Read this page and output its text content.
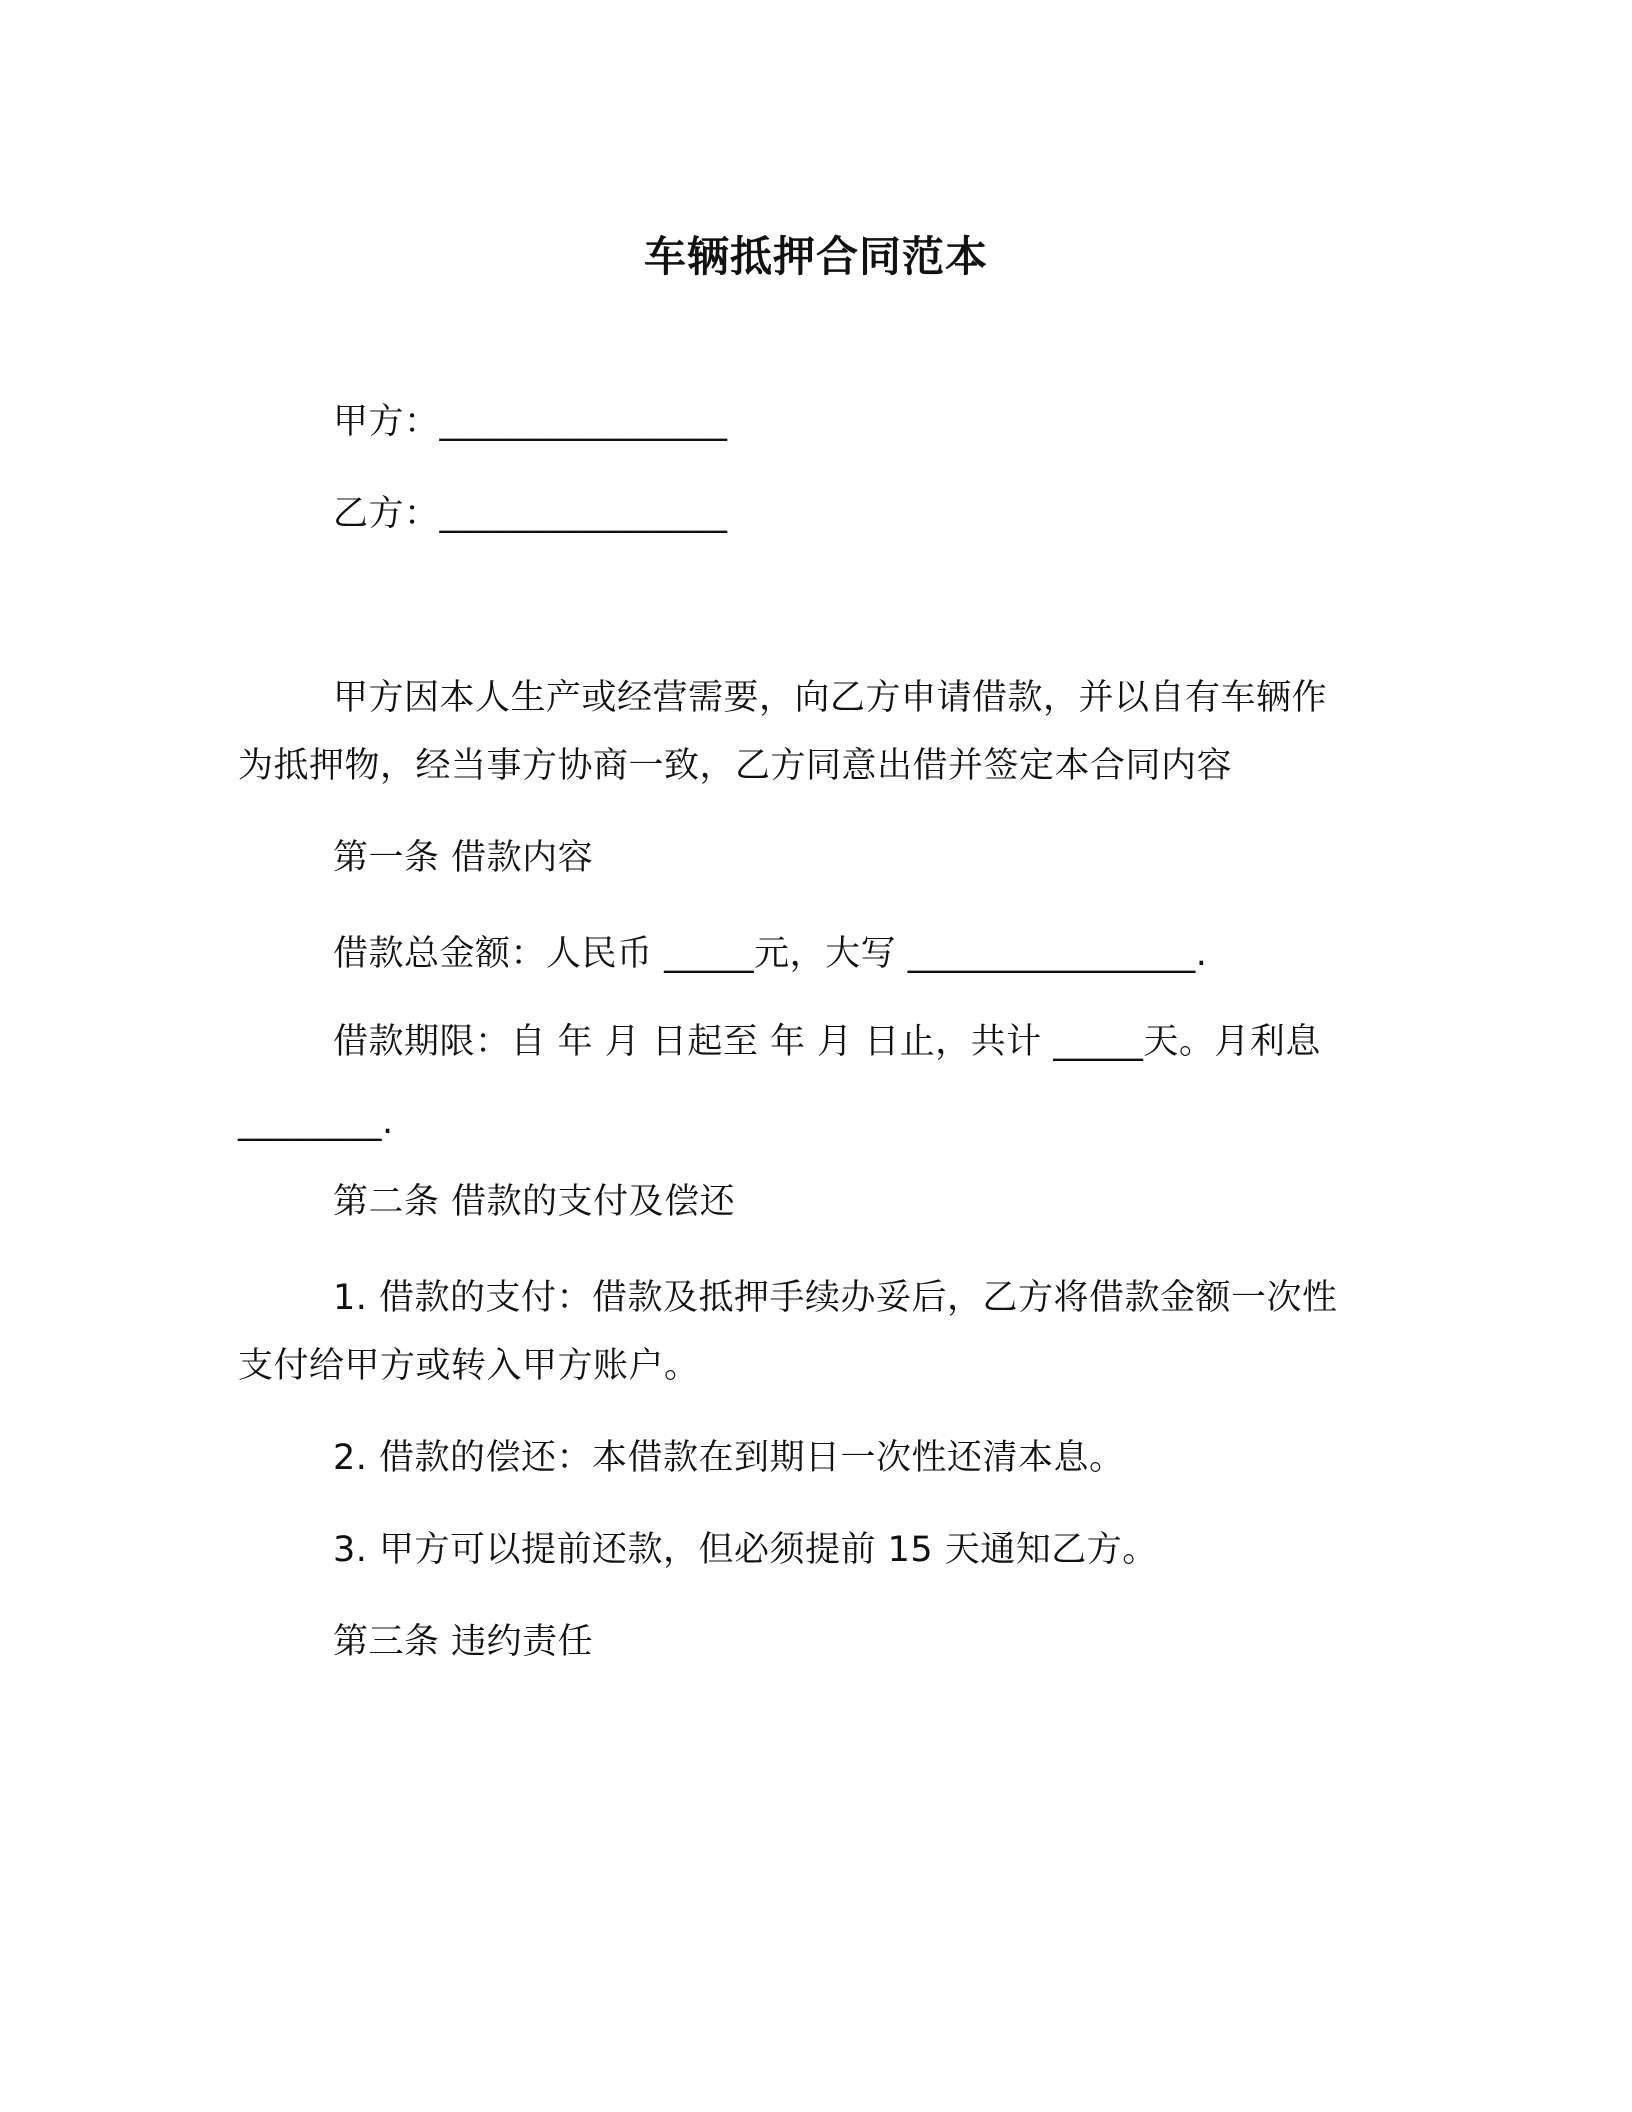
车辆抵押合同范本
甲方：________________
乙方：________________
甲方因本人生产或经营需要，向乙方申请借款，并以自有车辆作
为抵押物，经当事方协商一致，乙方同意出借并签定本合同内容
第一条 借款内容
借款总金额：人民币 _____元，大写 ________________.
借款期限：自 年 月 日起至 年 月 日止，共计 _____天。月利息
________.
第二条 借款的支付及偿还
1. 借款的支付：借款及抵押手续办妥后，乙方将借款金额一次性
支付给甲方或转入甲方账户。
2. 借款的偿还：本借款在到期日一次性还清本息。
3. 甲方可以提前还款，但必须提前 15 天通知乙方。
第三条 违约责任
